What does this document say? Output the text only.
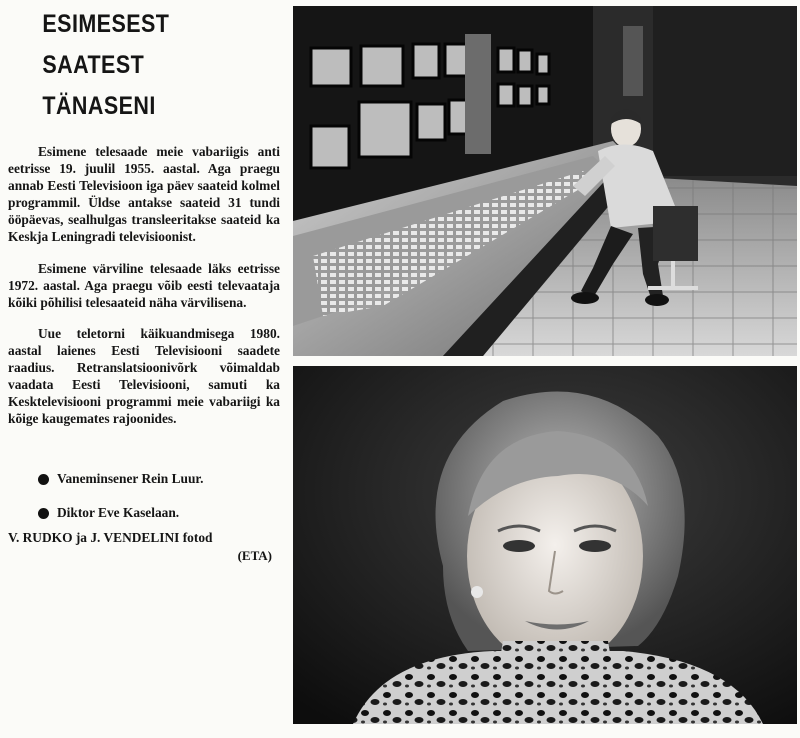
ESIMESEST
SAATEST
TÄNASENI

Esimene telesaade meie vabariigis anti eetrisse 19. juulil 1955. aastal. Aga praegu annab Eesti Televisioon iga päev saateid kolmel programmil. Üldse antakse saateid 31 tundi ööpäevas, sealhulgas transleeritakse saateid ka Keskja Leningradi televisioonist.

Esimene värviline telesaade läks eetrisse 1972. aastal. Aga praegu võib eesti televaataja kõiki põhilisi telesaateid näha värvilisena.

Uue teletorni käikuandmisega 1980. aastal laienes Eesti Televisiooni saadete raadius. Retranslatsioonivõrk võimaldab vaadata Eesti Televisiooni, samuti ka Kesktelevisiooni programmi meie vabariigi ka kõige kaugemates rajoonides.

Vaneminsener Rein Luur.
Diktor Eve Kaselaan.
V. RUDKO ja J. VENDELINI fotod
(ETA)
